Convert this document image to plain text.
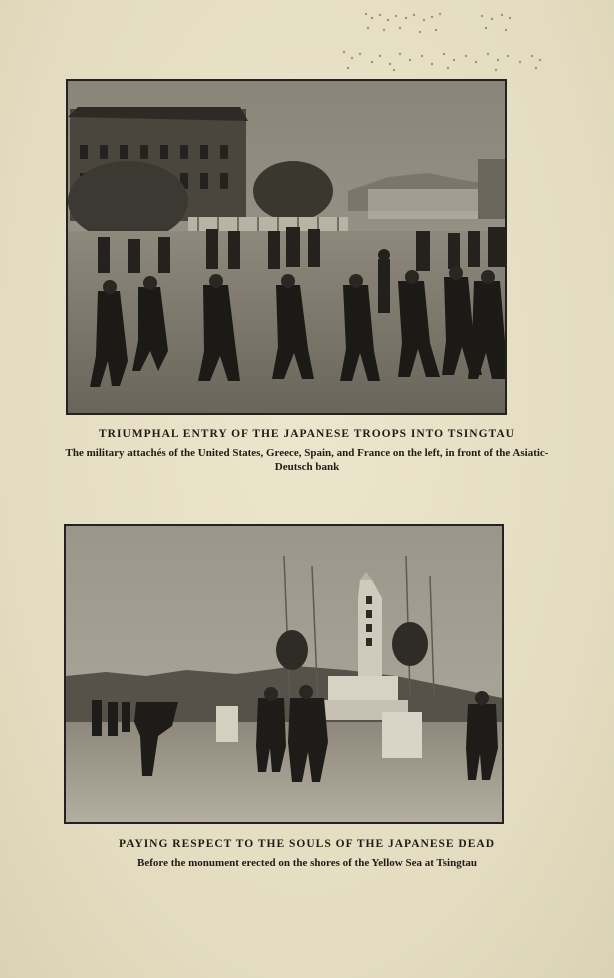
TRIUMPHAL ENTRY OF THE JAPANESE TROOPS INTO TSINGTAU

The military attachés of the United States, Greece, Spain, and France on the left, in front of the Asiatic-Deutsch bank

PAYING RESPECT TO THE SOULS OF THE JAPANESE DEAD

Before the monument erected on the shores of the Yellow Sea at Tsingtau
